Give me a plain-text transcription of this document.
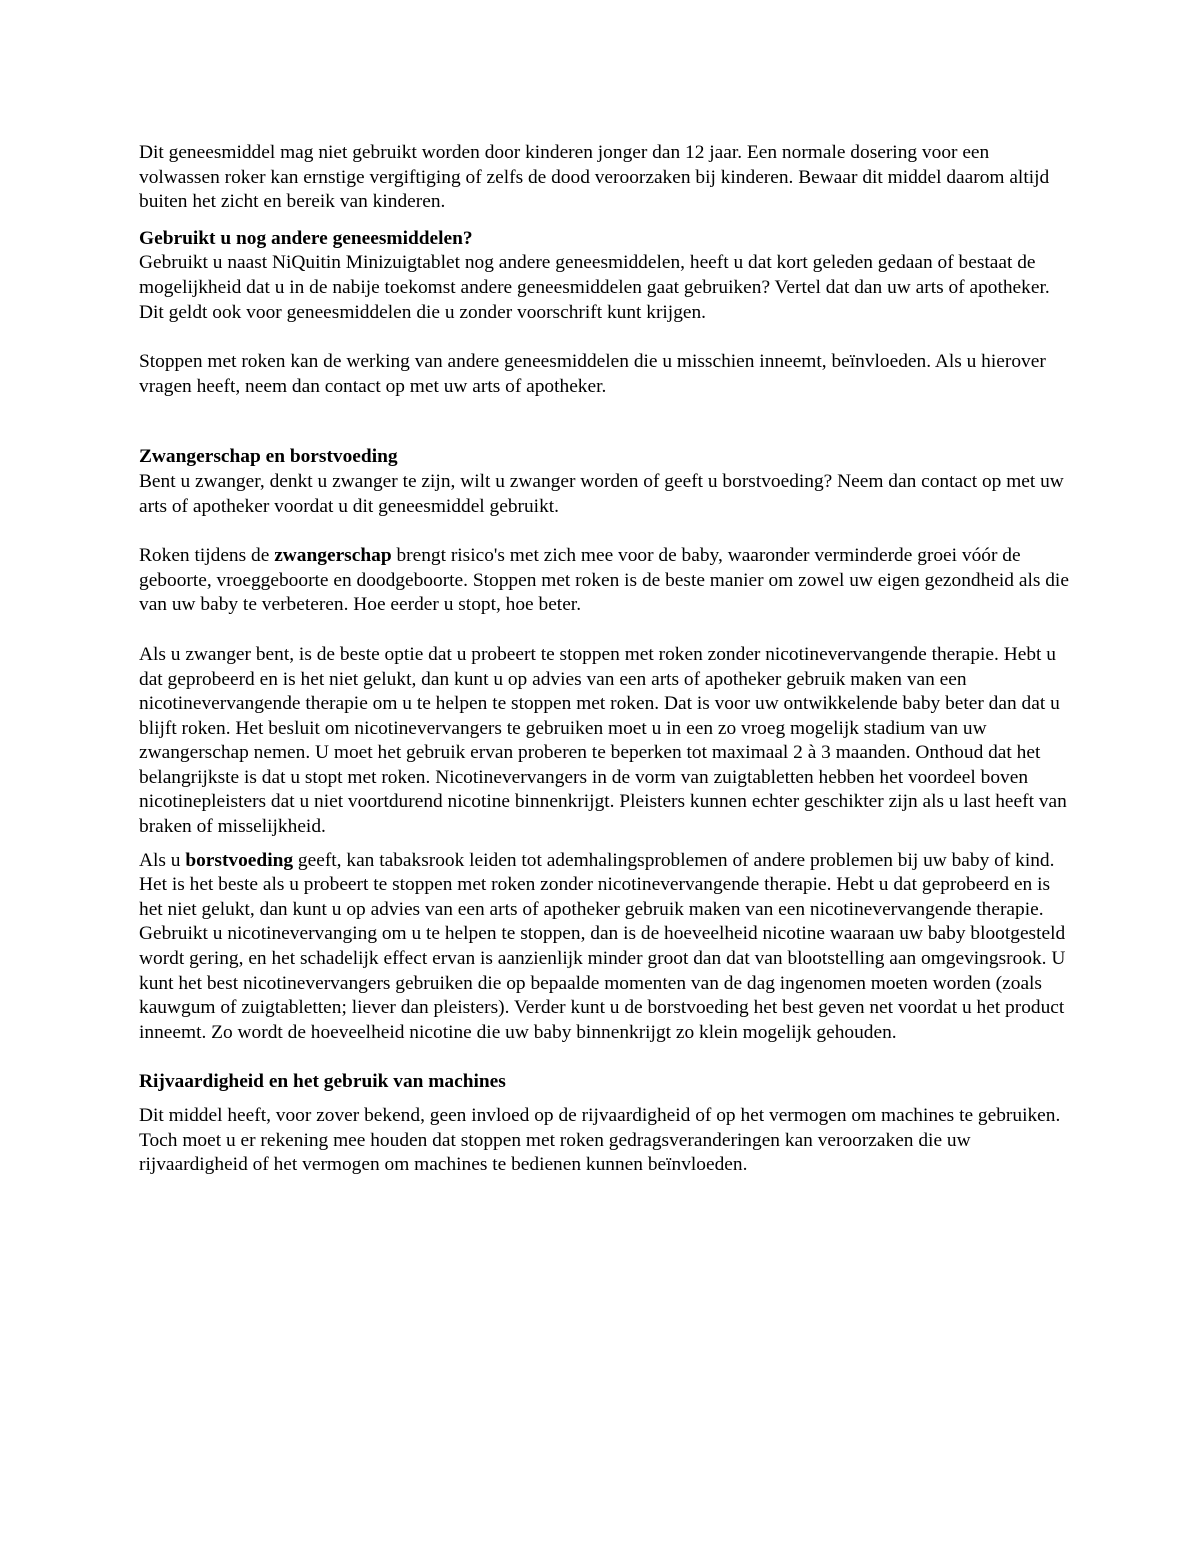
Dit geneesmiddel mag niet gebruikt worden door kinderen jonger dan 12 jaar. Een normale dosering voor een volwassen roker kan ernstige vergiftiging of zelfs de dood veroorzaken bij kinderen. Bewaar dit middel daarom altijd buiten het zicht en bereik van kinderen.

Gebruikt u nog andere geneesmiddelen?

Gebruikt u naast NiQuitin Minizuigtablet nog andere geneesmiddelen, heeft u dat kort geleden gedaan of bestaat de mogelijkheid dat u in de nabije toekomst andere geneesmiddelen gaat gebruiken? Vertel dat dan uw arts of apotheker. Dit geldt ook voor geneesmiddelen die u zonder voorschrift kunt krijgen.

Stoppen met roken kan de werking van andere geneesmiddelen die u misschien inneemt, beïnvloeden. Als u hierover vragen heeft, neem dan contact op met uw arts of apotheker.

Zwangerschap en borstvoeding

Bent u zwanger, denkt u zwanger te zijn, wilt u zwanger worden of geeft u borstvoeding? Neem dan contact op met uw arts of apotheker voordat u dit geneesmiddel gebruikt.

Roken tijdens de zwangerschap brengt risico's met zich mee voor de baby, waaronder verminderde groei vóór de geboorte, vroeggeboorte en doodgeboorte. Stoppen met roken is de beste manier om zowel uw eigen gezondheid als die van uw baby te verbeteren. Hoe eerder u stopt, hoe beter.

Als u zwanger bent, is de beste optie dat u probeert te stoppen met roken zonder nicotinevervangende therapie. Hebt u dat geprobeerd en is het niet gelukt, dan kunt u op advies van een arts of apotheker gebruik maken van een nicotinevervangende therapie om u te helpen te stoppen met roken. Dat is voor uw ontwikkelende baby beter dan dat u blijft roken. Het besluit om nicotinevervangers te gebruiken moet u in een zo vroeg mogelijk stadium van uw zwangerschap nemen. U moet het gebruik ervan proberen te beperken tot maximaal 2 à 3 maanden. Onthoud dat het belangrijkste is dat u stopt met roken. Nicotinevervangers in de vorm van zuigtabletten hebben het voordeel boven nicotinepleisters dat u niet voortdurend nicotine binnenkrijgt. Pleisters kunnen echter geschikter zijn als u last heeft van braken of misselijkheid.

Als u borstvoeding geeft, kan tabaksrook leiden tot ademhalingsproblemen of andere problemen bij uw baby of kind. Het is het beste als u probeert te stoppen met roken zonder nicotinevervangende therapie. Hebt u dat geprobeerd en is het niet gelukt, dan kunt u op advies van een arts of apotheker gebruik maken van een nicotinevervangende therapie. Gebruikt u nicotinevervanging om u te helpen te stoppen, dan is de hoeveelheid nicotine waaraan uw baby blootgesteld wordt gering, en het schadelijk effect ervan is aanzienlijk minder groot dan dat van blootstelling aan omgevingsrook. U kunt het best nicotinevervangers gebruiken die op bepaalde momenten van de dag ingenomen moeten worden (zoals kauwgum of zuigtabletten; liever dan pleisters). Verder kunt u de borstvoeding het best geven net voordat u het product inneemt. Zo wordt de hoeveelheid nicotine die uw baby binnenkrijgt zo klein mogelijk gehouden.

Rijvaardigheid en het gebruik van machines

Dit middel heeft, voor zover bekend, geen invloed op de rijvaardigheid of op het vermogen om machines te gebruiken. Toch moet u er rekening mee houden dat stoppen met roken gedragsveranderingen kan veroorzaken die uw rijvaardigheid of het vermogen om machines te bedienen kunnen beïnvloeden.
